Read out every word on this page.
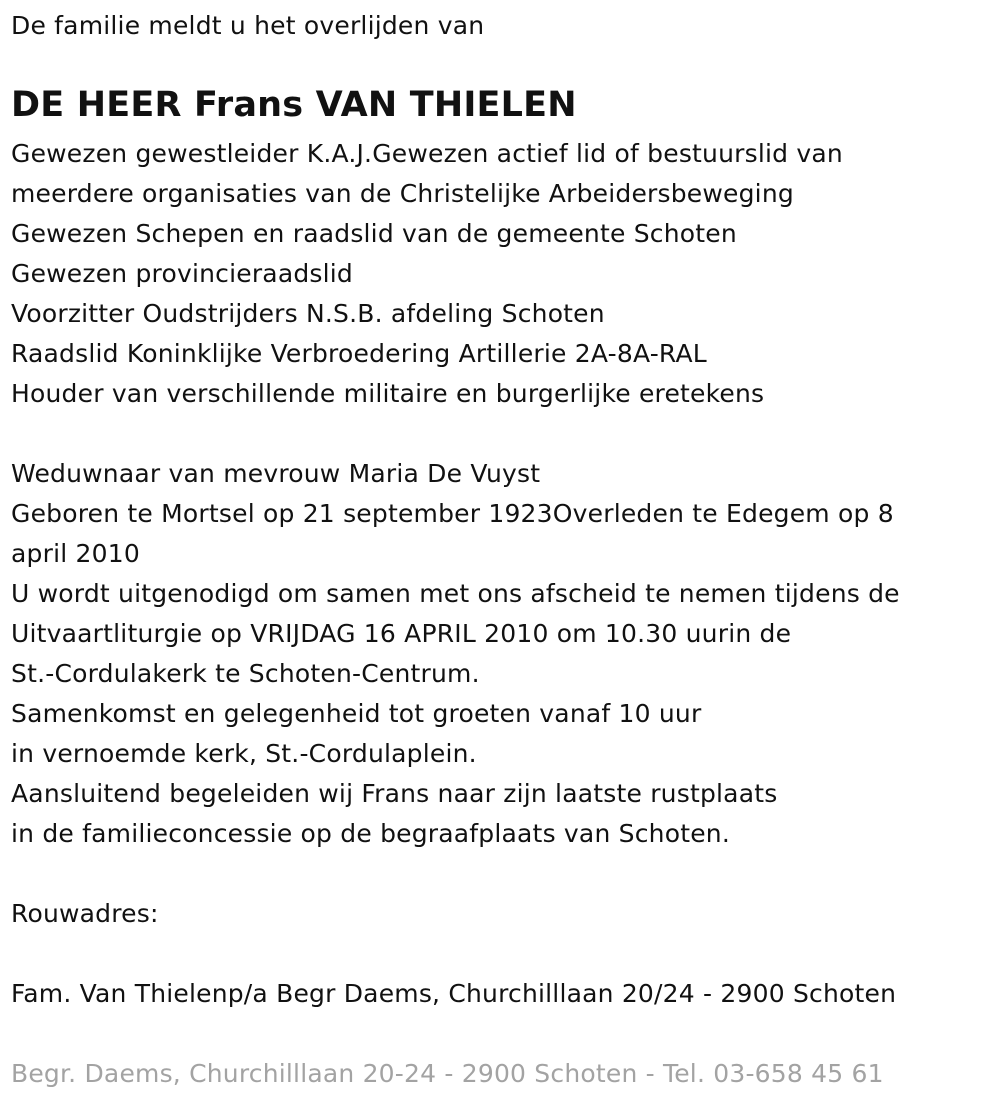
De familie meldt u het overlijden van
DE HEER Frans VAN THIELEN
Gewezen gewestleider K.A.J.Gewezen actief lid of bestuurslid van
meerdere organisaties van de Christelijke Arbeidersbeweging
Gewezen Schepen en raadslid van de gemeente Schoten
Gewezen provincieraadslid
Voorzitter Oudstrijders N.S.B. afdeling Schoten
Raadslid Koninklijke Verbroedering Artillerie 2A-8A-RAL
Houder van verschillende militaire en burgerlijke eretekens
Weduwnaar van mevrouw Maria De Vuyst
Geboren te Mortsel op 21 september 1923Overleden te Edegem op 8
april 2010
U wordt uitgenodigd om samen met ons afscheid te nemen tijdens de
Uitvaartliturgie op VRIJDAG 16 APRIL 2010 om 10.30 uurin de
St.-Cordulakerk te Schoten-Centrum.
Samenkomst en gelegenheid tot groeten vanaf 10 uur
in vernoemde kerk, St.-Cordulaplein.
Aansluitend begeleiden wij Frans naar zijn laatste rustplaats
in de familieconcessie op de begraafplaats van Schoten.
Rouwadres:
Fam. Van Thielenp/a Begr Daems, Churchilllaan 20/24 - 2900 Schoten
Begr. Daems, Churchilllaan 20-24 - 2900 Schoten - Tel. 03-658 45 61
